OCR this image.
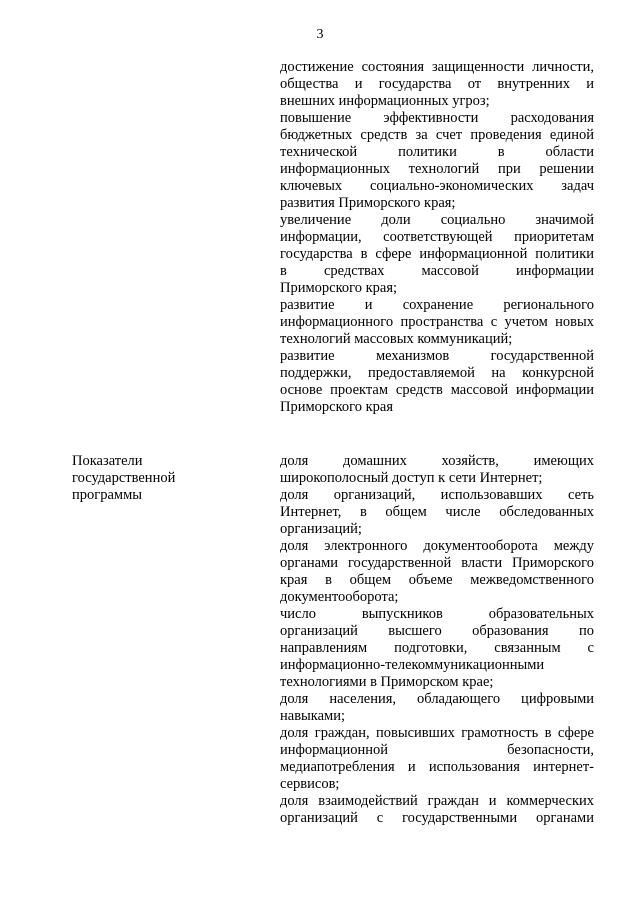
3
достижение состояния защищенности личности,
общества и государства от внутренних и
внешних информационных угроз;
повышение эффективности расходования
бюджетных средств за счет проведения единой
технической политики в области
информационных технологий при решении
ключевых социально-экономических задач
развития Приморского края;
увеличение доли социально значимой
информации, соответствующей приоритетам
государства в сфере информационной политики
в средствах массовой информации
Приморского края;
развитие и сохранение регионального
информационного пространства с учетом новых
технологий массовых коммуникаций;
развитие механизмов государственной
поддержки, предоставляемой на конкурсной
основе проектам средств массовой информации
Приморского края
Показатели
государственной
программы
доля домашних хозяйств, имеющих
широкополосный доступ к сети Интернет;
доля организаций, использовавших сеть
Интернет, в общем числе обследованных
организаций;
доля электронного документооборота между
органами государственной власти Приморского
края в общем объеме межведомственного
документооборота;
число выпускников образовательных
организаций высшего образования по
направлениям подготовки, связанным с
информационно-телекоммуникационными
технологиями в Приморском крае;
доля населения, обладающего цифровыми
навыками;
доля граждан, повысивших грамотность в сфере
информационной безопасности,
медиапотребления и использования интернет-
сервисов;
доля взаимодействий граждан и коммерческих
организаций с государственными органами
